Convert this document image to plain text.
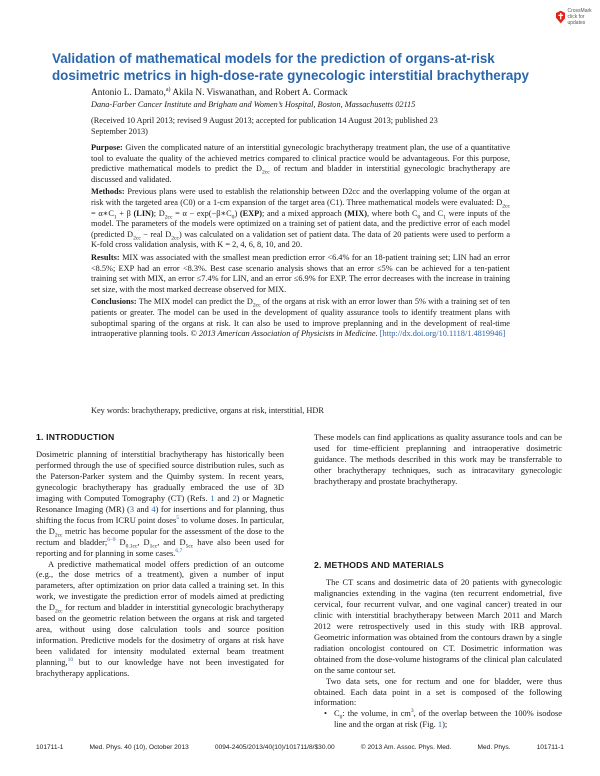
CrossMark
click for updates
Validation of mathematical models for the prediction of organs-at-risk dosimetric metrics in high-dose-rate gynecologic interstitial brachytherapy
Antonio L. Damato,$^{a)}$ Akila N. Viswanathan, and Robert A. Cormack
Dana-Farber Cancer Institute and Brigham and Women’s Hospital, Boston, Massachusetts 02115

(Received 10 April 2013; revised 9 August 2013; accepted for publication 14 August 2013; published 23 September 2013)

Purpose: Given the complicated nature of an interstitial gynecologic brachytherapy treatment plan, the use of a quantitative tool to evaluate the quality of the achieved metrics compared to clinical practice would be advantageous. For this purpose, predictive mathematical models to predict the $D_{2cc}$ of rectum and bladder in interstitial gynecologic brachytherapy are discussed and validated.

Methods: Previous plans were used to establish the relationship between D2cc and the overlapping volume of the organ at risk with the targeted area (C0) or a 1-cm expansion of the target area (C1). Three mathematical models were evaluated: $D_{2cc}$ = $\alpha∗C_1 + \beta$ (LIN); $D_{2cc} = \alpha$ − $\exp(-\beta∗C_0)$ (EXP); and a mixed approach (MIX), where both $C_0$ and $C_1$ were inputs of the model. The parameters of the models were optimized on a training set of patient data, and the predictive error of each model (predicted $D_{2cc}$ − real $D_{2cc}$) was calculated on a validation set of patient data. The data of 20 patients were used to perform a K-fold cross validation analysis, with K = 2, 4, 6, 8, 10, and 20.

Results: MIX was associated with the smallest mean prediction error <6.4% for an 18-patient training set; LIN had an error <8.5%; EXP had an error <8.3%. Best case scenario analysis shows that an error ≤5% can be achieved for a ten-patient training set with MIX, an error ≤7.4% for LIN, and an error ≤6.9% for EXP. The error decreases with the increase in training set size, with the most marked decrease observed for MIX.

Conclusions: The MIX model can predict the $D_{2cc}$ of the organs at risk with an error lower than 5% with a training set of ten patients or greater. The model can be used in the development of quality assurance tools to identify treatment plans with suboptimal sparing of the organs at risk. It can also be used to improve preplanning and in the development of real-time intraoperative planning tools. © 2013 American Association of Physicists in Medicine. [http://dx.doi.org/10.1118/1.4819946]

Key words: brachytherapy, predictive, organs at risk, interstitial, HDR
1. INTRODUCTION

Dosimetric planning of interstitial brachytherapy has historically been performed through the use of specified source distribution rules, such as the Paterson-Parker system and the Quimby system. In recent years, gynecologic brachytherapy has gradually embraced the use of 3D imaging with Computed Tomography (CT) (Refs. 1 and 2) or Magnetic Resonance Imaging (MR) (3 and 4) for insertions and for planning, thus shifting the focus from ICRU point doses$^5$ to volume doses. In particular, the $D_{2cc}$ metric has become popular for the assessment of the dose to the rectum and bladder;$^{6-9}$ $D_{0.1cc}$, $D_{1cc}$, and $D_{5cc}$ have also been used for reporting and for planning in some cases.$^{6,7}$

A predictive mathematical model offers prediction of an outcome (e.g., the dose metrics of a treatment), given a number of input parameters, after optimization on prior data called a training set. In this work, we investigate the prediction error of models aimed at predicting the $D_{2cc}$ for rectum and bladder in interstitial gynecologic brachytherapy based on the geometric relation between the organs at risk and targeted area, without using dose calculation tools and source position information. Predictive models for the dosimetry of organs at risk have been validated for intensity modulated external beam treatment planning,$^{10}$ but to our knowledge have not been investigated for brachytherapy applications.

These models can find applications as quality assurance tools and can be used for time-efficient preplanning and intraoperative dosimetric guidance. The methods described in this work may be transferrable to other brachytherapy techniques, such as intracavitary gynecologic brachytherapy and prostate brachytherapy.

2. METHODS AND MATERIALS

The CT scans and dosimetric data of 20 patients with gynecologic malignancies extending in the vagina (ten recurrent endometrial, five cervical, four recurrent vulvar, and one vaginal cancer) treated in our clinic with interstitial brachytherapy between March 2011 and March 2012 were retrospectively used in this study with IRB approval. Geometric information was obtained from the contours drawn by a single radiation oncologist contoured on CT. Dosimetric information was obtained from the dose-volume histograms of the clinical plan calculated on the same contour set.

Two data sets, one for rectum and one for bladder, were thus obtained. Each data point in a set is composed of the following information:

• $C_0$: the volume, in $cm^3$, of the overlap between the 100% isodose line and the organ at risk (Fig. 1);
101711-1	Med. Phys. 40 (10), October 2013	0094-2405/2013/40(10)/101711/8/$30.00	© 2013 Am. Assoc. Phys. Med.	Med. Phys.	101711-1
